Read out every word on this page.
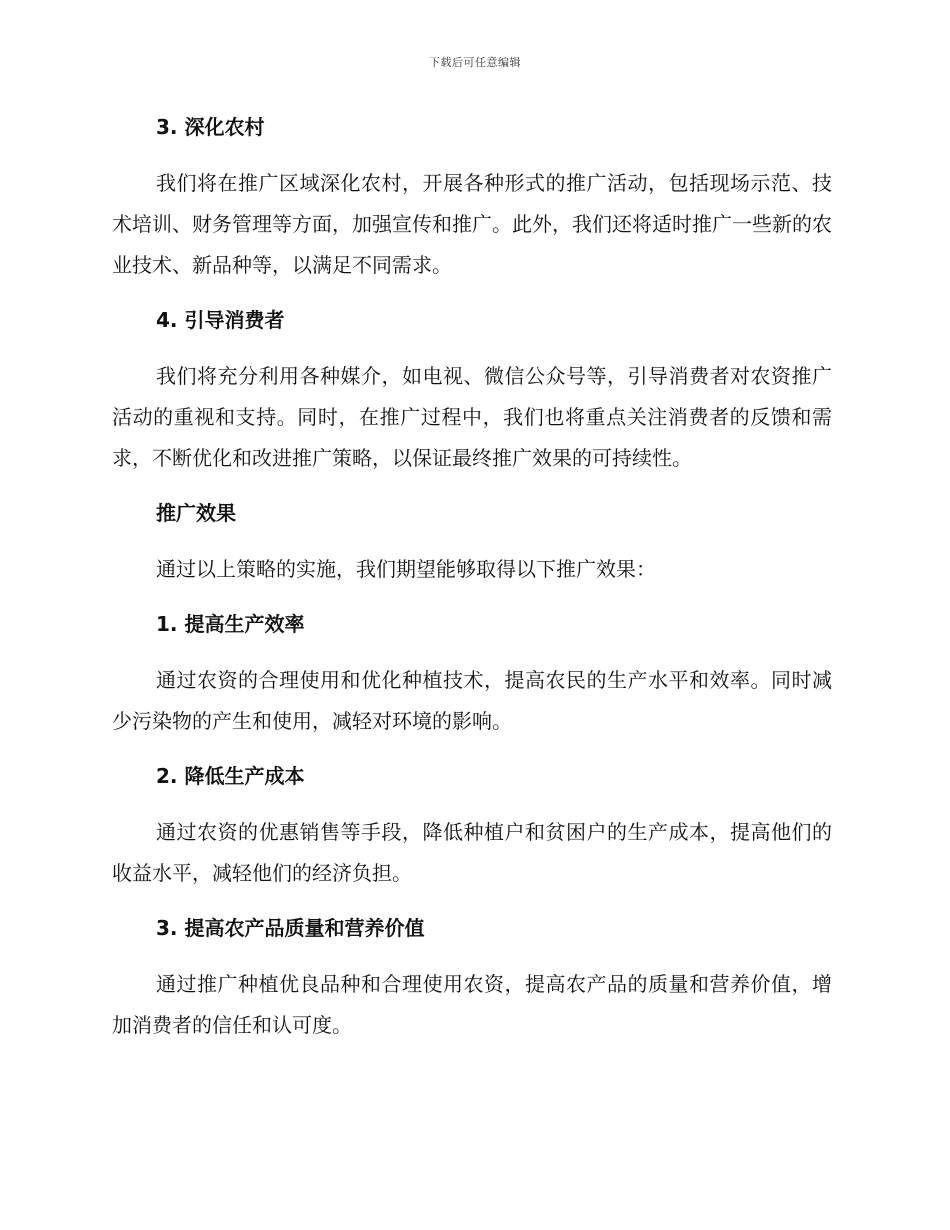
下载后可任意编辑
3. 深化农村

我们将在推广区域深化农村，开展各种形式的推广活动，包括现场示范、技术培训、财务管理等方面，加强宣传和推广。此外，我们还将适时推广一些新的农业技术、新品种等，以满足不同需求。

4. 引导消费者

我们将充分利用各种媒介，如电视、微信公众号等，引导消费者对农资推广活动的重视和支持。同时，在推广过程中，我们也将重点关注消费者的反馈和需求，不断优化和改进推广策略，以保证最终推广效果的可持续性。

推广效果

通过以上策略的实施，我们期望能够取得以下推广效果：

1. 提高生产效率

通过农资的合理使用和优化种植技术，提高农民的生产水平和效率。同时减少污染物的产生和使用，减轻对环境的影响。

2. 降低生产成本

通过农资的优惠销售等手段，降低种植户和贫困户的生产成本，提高他们的收益水平，减轻他们的经济负担。

3. 提高农产品质量和营养价值

通过推广种植优良品种和合理使用农资，提高农产品的质量和营养价值，增加消费者的信任和认可度。
